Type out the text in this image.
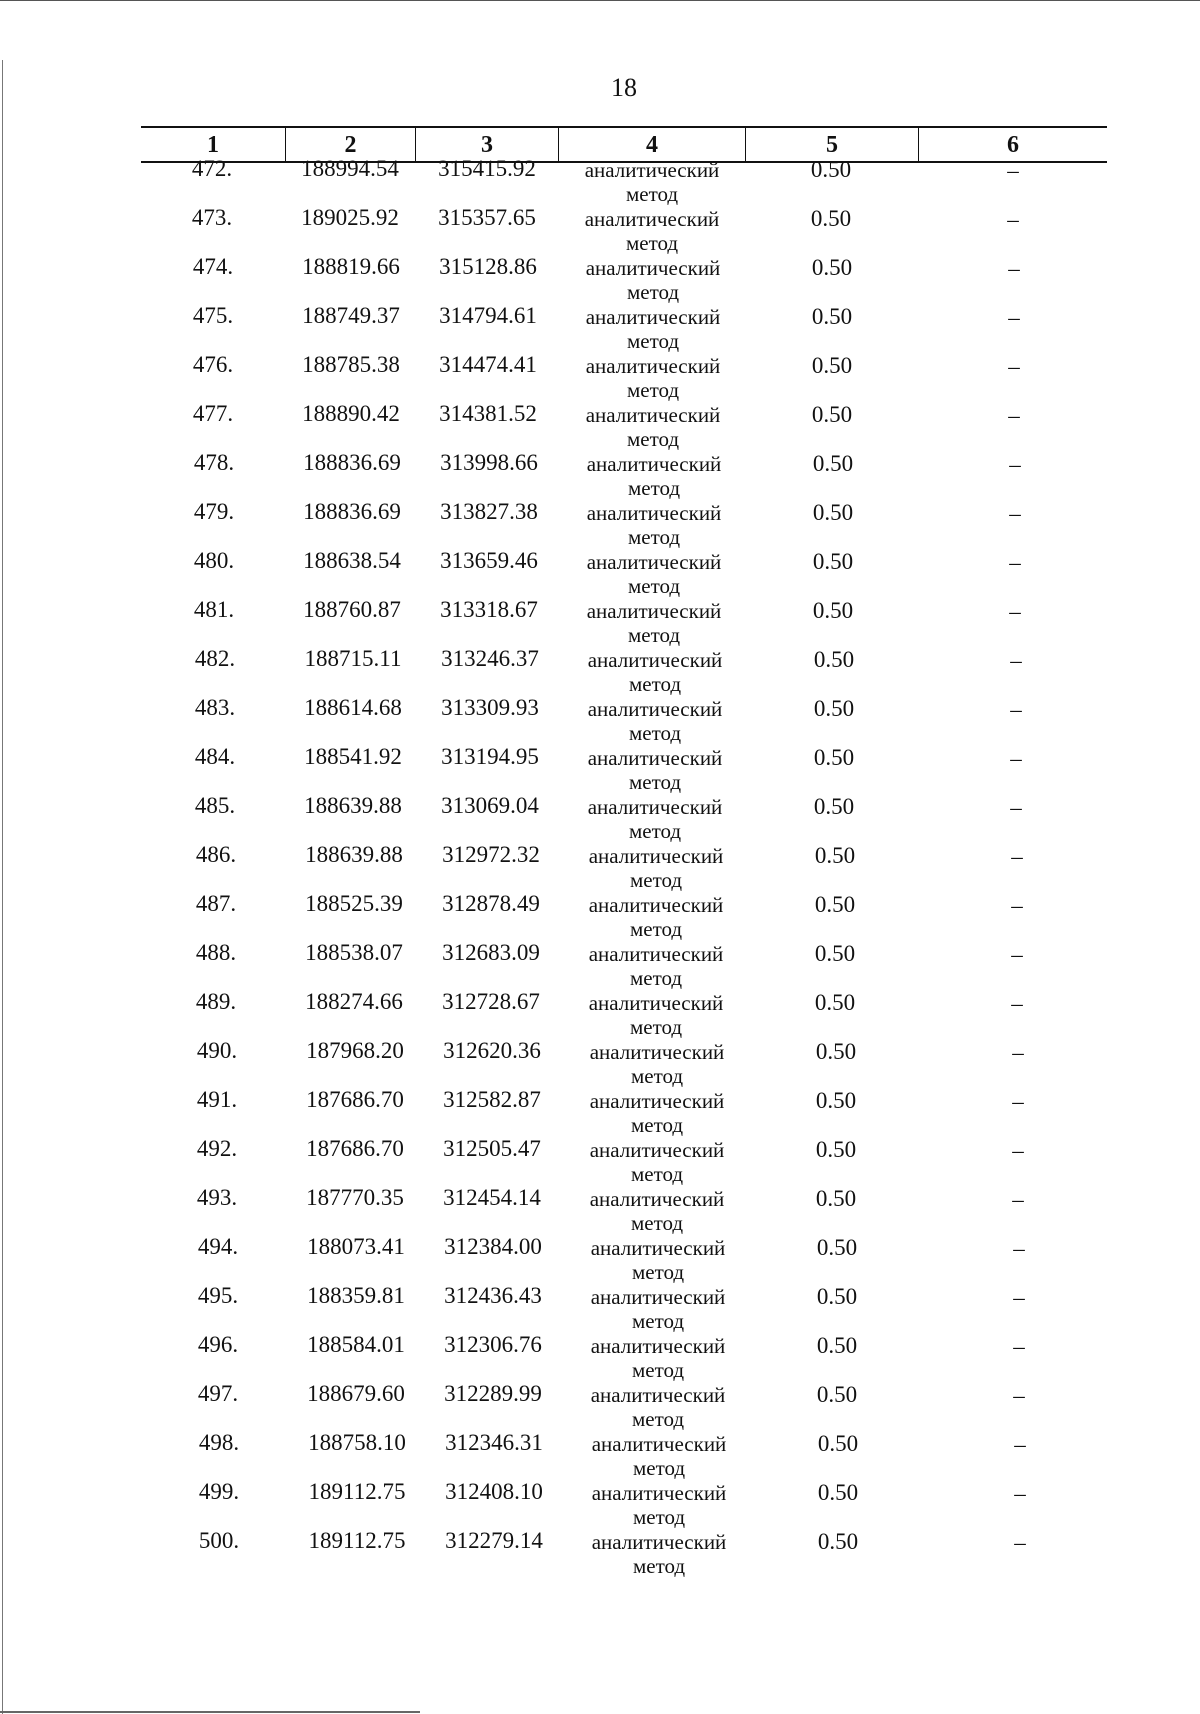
18
1	2	3	4	5	6
472.	188994.54	315415.92	аналитический
метод
0.50	–
473.	189025.92	315357.65	аналитический
метод
0.50	–
474.	188819.66	315128.86	аналитический
метод
0.50	–
475.	188749.37	314794.61	аналитический
метод
0.50	–
476.	188785.38	314474.41	аналитический
метод
0.50	–
477.	188890.42	314381.52	аналитический
метод
0.50	–
478.	188836.69	313998.66	аналитический
метод
0.50	–
479.	188836.69	313827.38	аналитический
метод
0.50	–
480.	188638.54	313659.46	аналитический
метод
0.50	–
481.	188760.87	313318.67	аналитический
метод
0.50	–
482.	188715.11	313246.37	аналитический
метод
0.50	–
483.	188614.68	313309.93	аналитический
метод
0.50	–
484.	188541.92	313194.95	аналитический
метод
0.50	–
485.	188639.88	313069.04	аналитический
метод
0.50	–
486.	188639.88	312972.32	аналитический
метод
0.50	–
487.	188525.39	312878.49	аналитический
метод
0.50	–
488.	188538.07	312683.09	аналитический
метод
0.50	–
489.	188274.66	312728.67	аналитический
метод
0.50	–
490.	187968.20	312620.36	аналитический
метод
0.50	–
491.	187686.70	312582.87	аналитический
метод
0.50	–
492.	187686.70	312505.47	аналитический
метод
0.50	–
493.	187770.35	312454.14	аналитический
метод
0.50	–
494.	188073.41	312384.00	аналитический
метод
0.50	–
495.	188359.81	312436.43	аналитический
метод
0.50	–
496.	188584.01	312306.76	аналитический
метод
0.50	–
497.	188679.60	312289.99	аналитический
метод
0.50	–
498.	188758.10	312346.31	аналитический
метод
0.50	–
499.	189112.75	312408.10	аналитический
метод
0.50	–
500.	189112.75	312279.14	аналитический
метод
0.50	–
